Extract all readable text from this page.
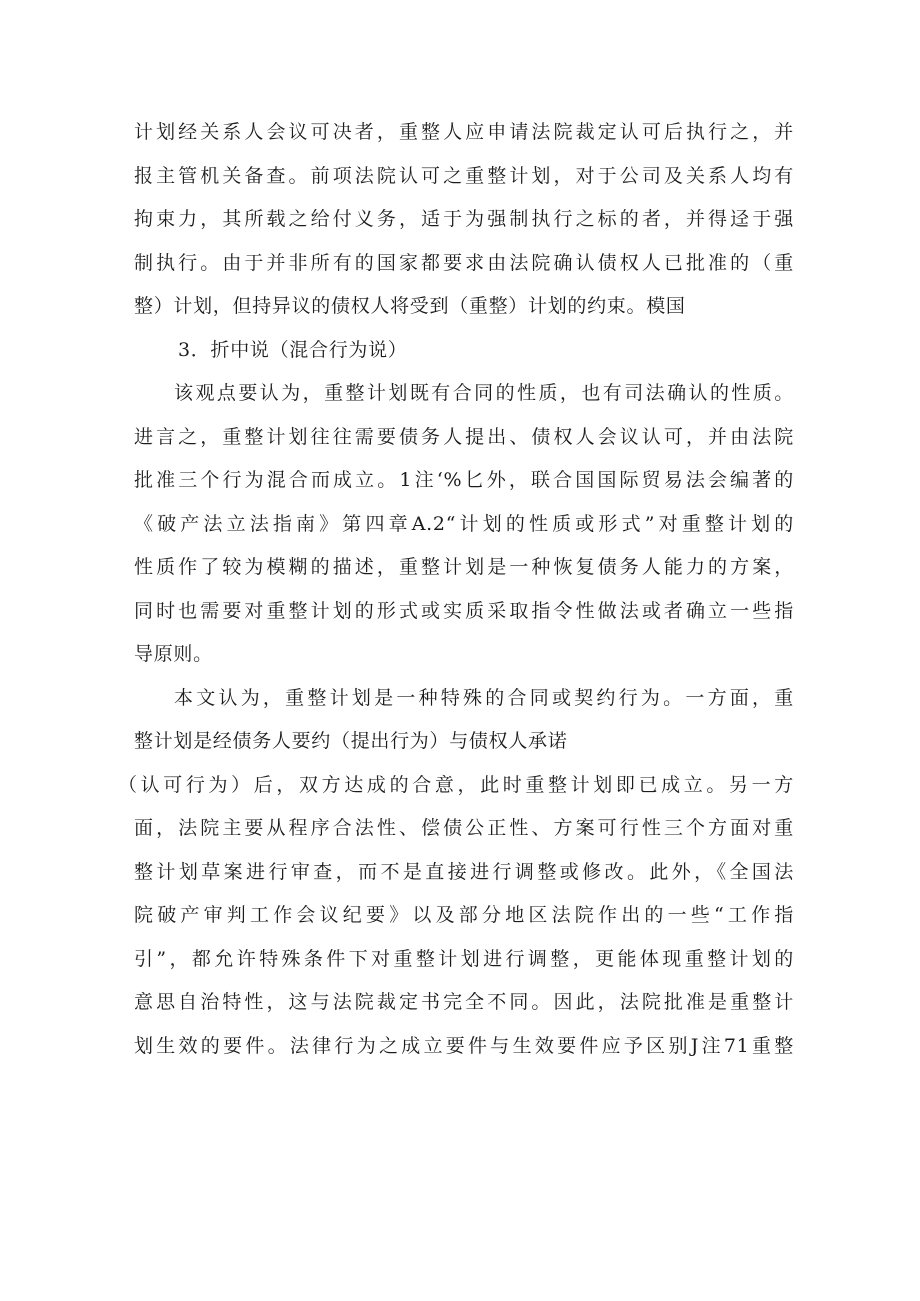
计划经关系人会议可决者，重整人应申请法院裁定认可后执行之，并
报主管机关备查。前项法院认可之重整计划，对于公司及关系人均有
拘束力，其所载之给付义务，适于为强制执行之标的者，并得迳于强
制执行。由于并非所有的国家都要求由法院确认债权人已批准的（重
整）计划，但持异议的债权人将受到（重整）计划的约束。模国
3．折中说（混合行为说）
该观点要认为，重整计划既有合同的性质，也有司法确认的性质。
进言之，重整计划往往需要债务人提出、债权人会议认可，并由法院
批准三个行为混合而成立。1注‘%匕外，联合国国际贸易法会编著的
《破产法立法指南》第四章A.2“计划的性质或形式”对重整计划的
性质作了较为模糊的描述，重整计划是一种恢复债务人能力的方案，
同时也需要对重整计划的形式或实质采取指令性做法或者确立一些指
导原则。
本文认为，重整计划是一种特殊的合同或契约行为。一方面，重
整计划是经债务人要约（提出行为）与债权人承诺
（认可行为）后，双方达成的合意，此时重整计划即已成立。另一方
面，法院主要从程序合法性、偿债公正性、方案可行性三个方面对重
整计划草案进行审查，而不是直接进行调整或修改。此外，《全国法
院破产审判工作会议纪要》以及部分地区法院作出的一些“工作指
引”，都允许特殊条件下对重整计划进行调整，更能体现重整计划的
意思自治特性，这与法院裁定书完全不同。因此，法院批准是重整计
划生效的要件。法律行为之成立要件与生效要件应予区别J注71重整
